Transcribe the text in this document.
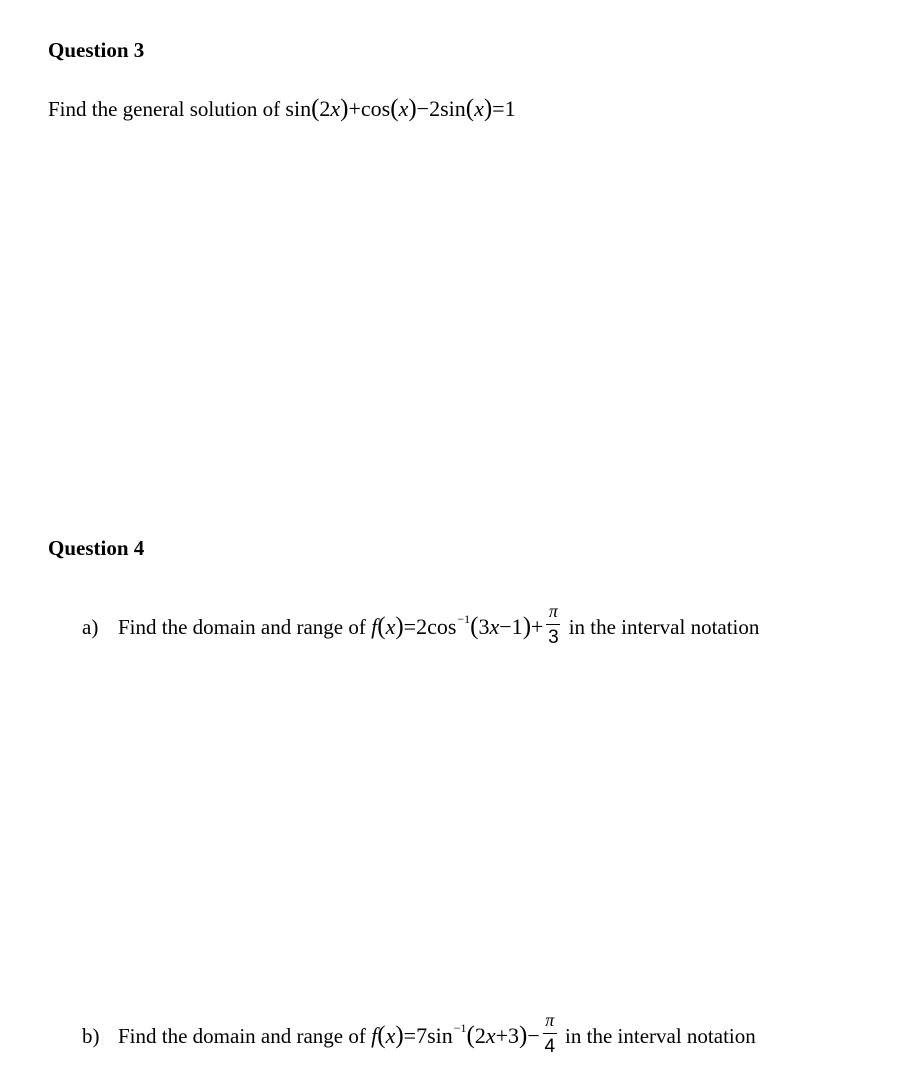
Question 3
Find the general solution of sin(2x)+cos(x)−2sin(x)=1
Question 4
a) Find the domain and range of $f(x)=2\cos^{-1}(3x-1)+ \frac{\pi}{3}$ in the interval notation
b) Find the domain and range of $f(x)=7\sin^{-1}(2x+3)- \frac{\pi}{4}$ in the interval notation
